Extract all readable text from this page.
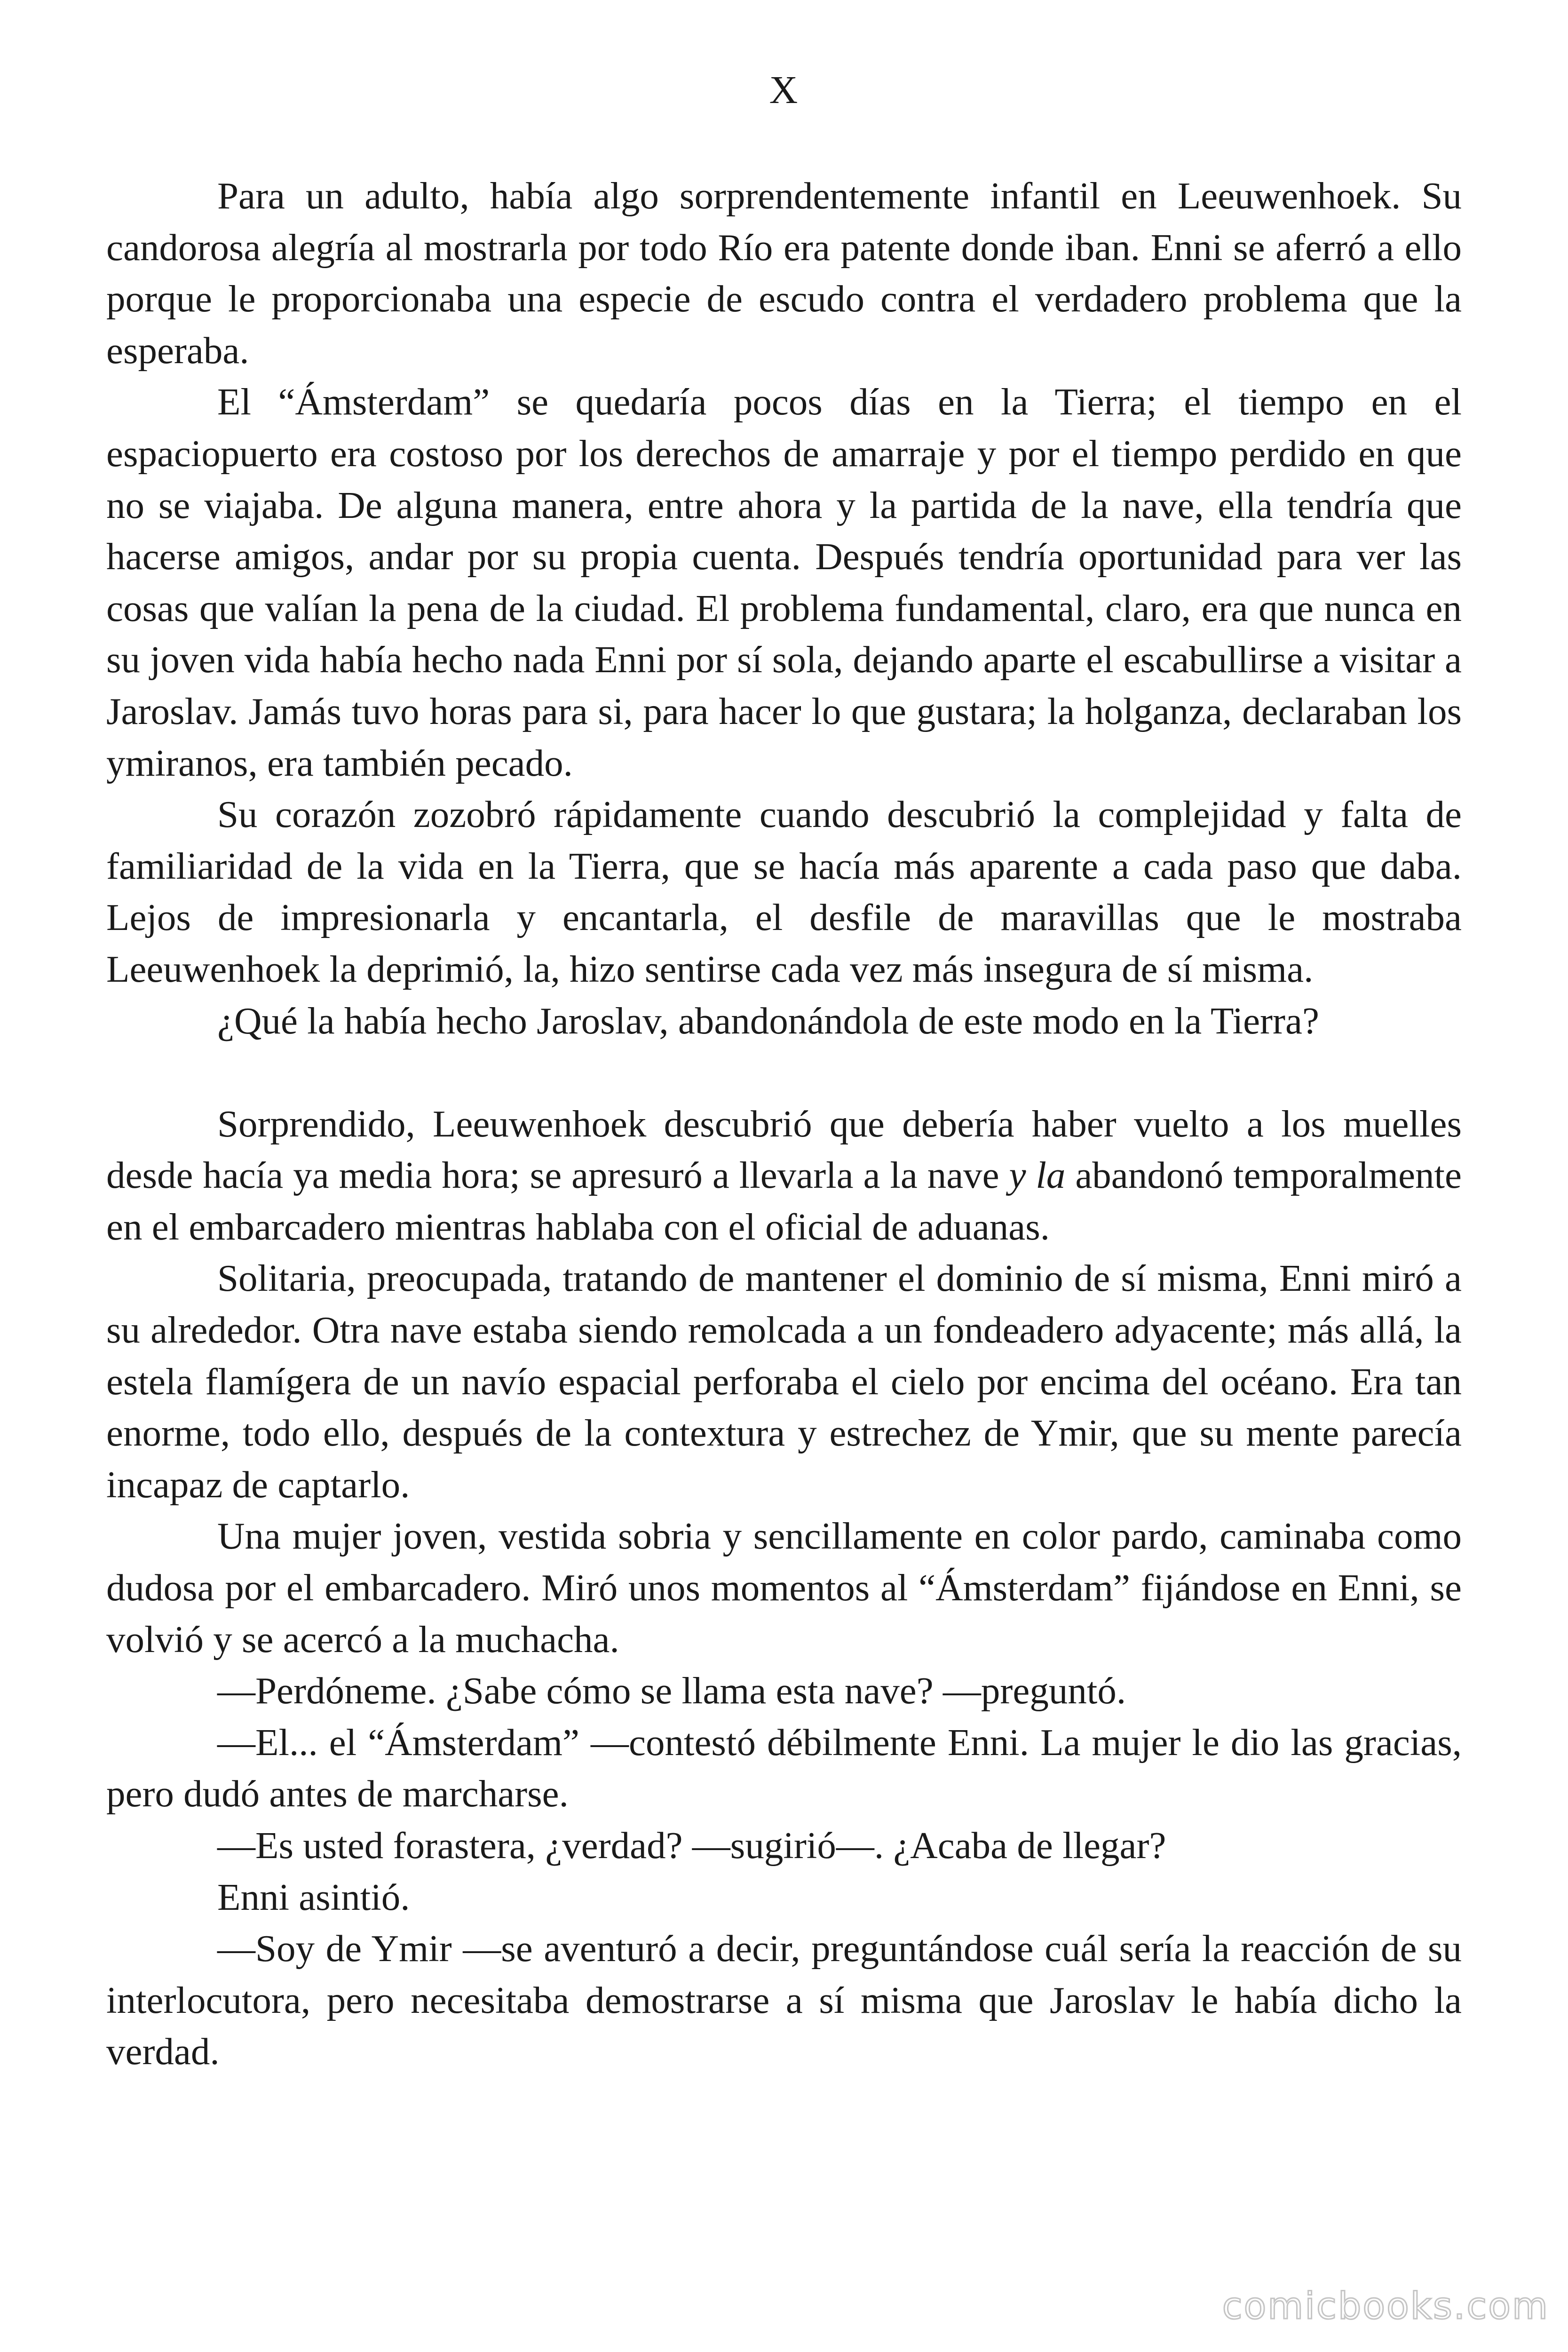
X

Para un adulto, había algo sorprendentemente infantil en Leeuwenhoek. Su candorosa alegría al mostrarla por todo Río era patente donde iban. Enni se aferró a ello porque le proporcionaba una especie de escudo contra el verdadero problema que la esperaba.

El “Ámsterdam” se quedaría pocos días en la Tierra; el tiempo en el espaciopuerto era costoso por los derechos de amarraje y por el tiempo perdido en que no se viajaba. De alguna manera, entre ahora y la partida de la nave, ella tendría que hacerse amigos, andar por su propia cuenta. Después tendría oportunidad para ver las cosas que valían la pena de la ciudad. El problema fundamental, claro, era que nunca en su joven vida había hecho nada Enni por sí sola, dejando aparte el escabullirse a visitar a Jaroslav. Jamás tuvo horas para si, para hacer lo que gustara; la holganza, declaraban los ymiranos, era también pecado.

Su corazón zozobró rápidamente cuando descubrió la complejidad y falta de familiaridad de la vida en la Tierra, que se hacía más aparente a cada paso que daba. Lejos de impresionarla y encantarla, el desfile de maravillas que le mostraba Leeuwenhoek la deprimió, la, hizo sentirse cada vez más insegura de sí misma.

¿Qué la había hecho Jaroslav, abandonándola de este modo en la Tierra?

Sorprendido, Leeuwenhoek descubrió que debería haber vuelto a los muelles desde hacía ya media hora; se apresuró a llevarla a la nave y la abandonó temporalmente en el embarcadero mientras hablaba con el oficial de aduanas.

Solitaria, preocupada, tratando de mantener el dominio de sí misma, Enni miró a su alrededor. Otra nave estaba siendo remolcada a un fondeadero adyacente; más allá, la estela flamígera de un navío espacial perforaba el cielo por encima del océano. Era tan enorme, todo ello, después de la contextura y estrechez de Ymir, que su mente parecía incapaz de captarlo.

Una mujer joven, vestida sobria y sencillamente en color pardo, caminaba como dudosa por el embarcadero. Miró unos momentos al “Ámsterdam” fijándose en Enni, se volvió y se acercó a la muchacha.

—Perdóneme. ¿Sabe cómo se llama esta nave? —preguntó.

—El... el “Ámsterdam” —contestó débilmente Enni. La mujer le dio las gracias, pero dudó antes de marcharse.

—Es usted forastera, ¿verdad? —sugirió—. ¿Acaba de llegar?

Enni asintió.

—Soy de Ymir —se aventuró a decir, preguntándose cuál sería la reacción de su interlocutora, pero necesitaba demostrarse a sí misma que Jaroslav le había dicho la verdad.

comicbooks.com
